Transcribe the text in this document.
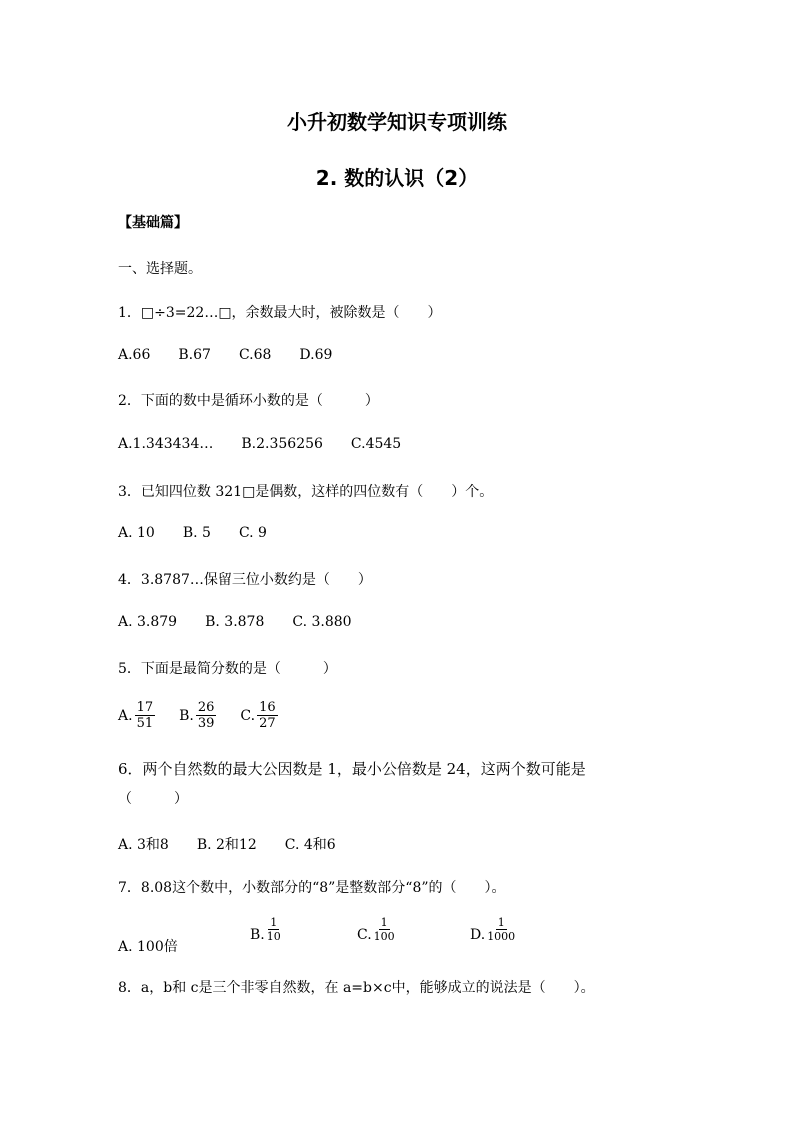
小升初数学知识专项训练
2. 数的认识（2）
【基础篇】
一、选择题。
1．□÷3=22…□，余数最大时，被除数是（　　）
A.66 B.67 C.68 D.69
2．下面的数中是循环小数的是（　　　）
A.1.343434… B.2.356256 C.4545
3．已知四位数 321□是偶数，这样的四位数有（　　）个。
A. 10 B. 5 C. 9
4．3.8787…保留三位小数约是（　　）
A. 3.879 B. 3.878 C. 3.880
5．下面是最简分数的是（　　　）
A. $\frac{17}{51} B$. $\frac{26}{39} C$. $\frac{16}{27}$
6．两个自然数的最大公因数是 1，最小公倍数是 24，这两个数可能是
（　　　）
A. 3和8 B. 2和12 C. 4和6
7．8.08这个数中，小数部分的“8”是整数部分“8”的（　　）。
A. 100倍
B. $\frac{1}{10}$	C. $\frac{1}{100}$	D. $\frac{1}{1000}$
8．a，b和 c是三个非零自然数，在 a=b×c中，能够成立的说法是（　　）。
